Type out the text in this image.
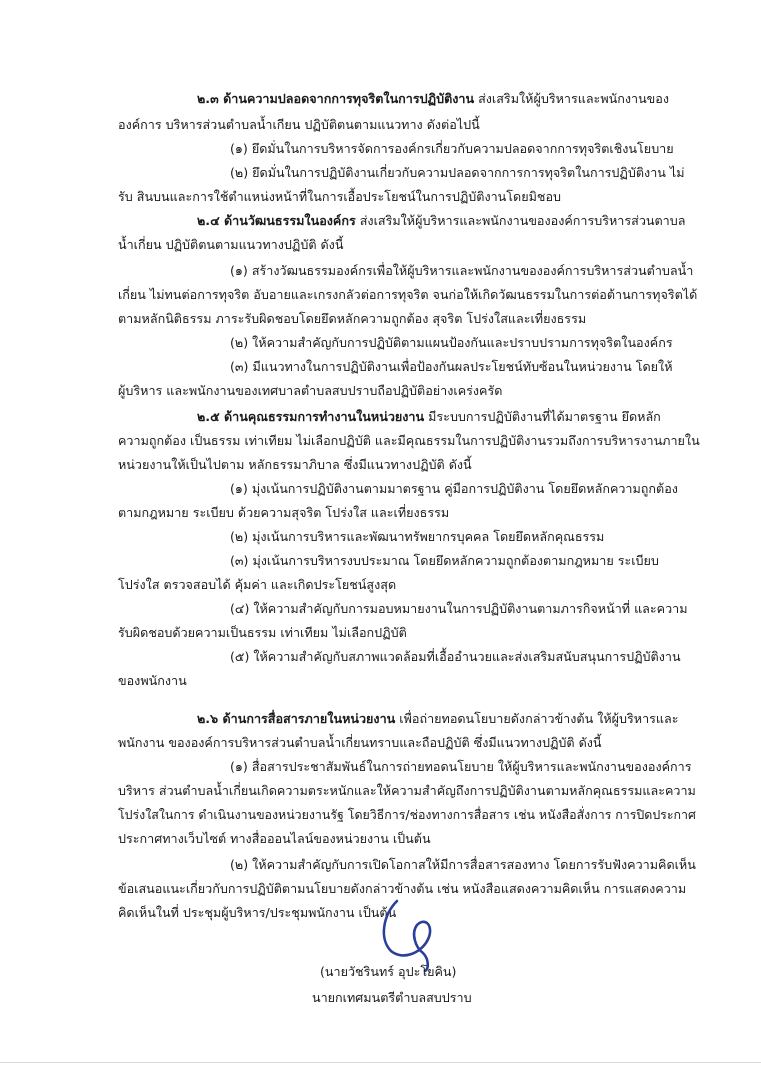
๒.๓ ด้านความปลอดจากการทุจริตในการปฏิบัติงาน ส่งเสริมให้ผู้บริหารและพนักงานของ
องค์การ บริหารส่วนตำบลน้ำเกียน ปฏิบัติตนตามแนวทาง ดังต่อไปนี้
(๑) ยึดมั่นในการบริหารจัดการองค์กรเกี่ยวกับความปลอดจากการทุจริตเชิงนโยบาย
(๒) ยึดมั่นในการปฏิบัติงานเกี่ยวกับความปลอดจากการการทุจริตในการปฏิบัติงาน ไม่
รับ สินบนและการใช้ตำแหน่งหน้าที่ในการเอื้อประโยชน์ในการปฏิบัติงานโดยมิชอบ
๒.๔ ด้านวัฒนธรรมในองค์กร ส่งเสริมให้ผู้บริหารและพนักงานขององค์การบริหารส่วนตาบล
น้ำเกี่ยน ปฏิบัติตนตามแนวทางปฏิบัติ ดังนี้
(๑) สร้างวัฒนธรรมองค์กรเพื่อให้ผู้บริหารและพนักงานขององค์การบริหารส่วนตำบลน้ำ
เกี่ยน ไม่ทนต่อการทุจริต อับอายและเกรงกลัวต่อการทุจริต จนก่อให้เกิดวัฒนธรรมในการต่อต้านการทุจริตได้
ตามหลักนิติธรรม ภาระรับผิดชอบโดยยึดหลักความถูกต้อง สุจริต โปร่งใสและเที่ยงธรรม
(๒) ให้ความสำคัญกับการปฏิบัติตามแผนป้องกันและปราบปรามการทุจริตในองค์กร
(๓) มีแนวทางในการปฏิบัติงานเพื่อป้องกันผลประโยชน์ทับซ้อนในหน่วยงาน โดยให้
ผู้บริหาร และพนักงานของเทศบาลตำบลสบปราบถือปฏิบัติอย่างเคร่งครัด
๒.๕ ด้านคุณธรรมการทำงานในหน่วยงาน มีระบบการปฏิบัติงานที่ได้มาตรฐาน ยึดหลัก
ความถูกต้อง เป็นธรรม เท่าเทียม ไม่เลือกปฏิบัติ และมีคุณธรรมในการปฏิบัติงานรวมถึงการบริหารงานภายใน
หน่วยงานให้เป็นไปตาม หลักธรรมาภิบาล ซึ่งมีแนวทางปฏิบัติ ดังนี้
(๑) มุ่งเน้นการปฏิบัติงานตามมาตรฐาน คู่มือการปฏิบัติงาน โดยยึดหลักความถูกต้อง
ตามกฎหมาย ระเบียบ ด้วยความสุจริต โปร่งใส และเที่ยงธรรม
(๒) มุ่งเน้นการบริหารและพัฒนาทรัพยากรบุคคล โดยยึดหลักคุณธรรม
(๓) มุ่งเน้นการบริหารงบประมาณ โดยยึดหลักความถูกต้องตามกฎหมาย ระเบียบ
โปร่งใส ตรวจสอบได้ คุ้มค่า และเกิดประโยชน์สูงสุด
(๔) ให้ความสำคัญกับการมอบหมายงานในการปฏิบัติงานตามภารกิจหน้าที่ และความ
รับผิดชอบด้วยความเป็นธรรม เท่าเทียม ไม่เลือกปฏิบัติ
(๕) ให้ความสำคัญกับสภาพแวดล้อมที่เอื้ออำนวยและส่งเสริมสนับสนุนการปฏิบัติงาน
ของพนักงาน
๒.๖ ด้านการสื่อสารภายในหน่วยงาน เพื่อถ่ายทอดนโยบายดังกล่าวข้างต้น ให้ผู้บริหารและ
พนักงาน ขององค์การบริหารส่วนตำบลน้ำเกี่ยนทราบและถือปฏิบัติ ซึ่งมีแนวทางปฏิบัติ ดังนี้
(๑) สื่อสารประชาสัมพันธ์ในการถ่ายทอดนโยบาย ให้ผู้บริหารและพนักงานขององค์การ
บริหาร ส่วนตำบลน้ำเกี่ยนเกิดความตระหนักและให้ความสำคัญถึงการปฏิบัติงานตามหลักคุณธรรมและความ
โปร่งใสในการ ดำเนินงานของหน่วยงานรัฐ โดยวิธีการ/ช่องทางการสื่อสาร เช่น หนังสือสั่งการ การปิดประกาศ
ประกาศทางเว็บไซต์ ทางสื่อออนไลน์ของหน่วยงาน เป็นต้น
(๒) ให้ความสำคัญกับการเปิดโอกาสให้มีการสื่อสารสองทาง โดยการรับฟังความคิดเห็น
ข้อเสนอแนะเกี่ยวกับการปฏิบัติตามนโยบายดังกล่าวข้างต้น เช่น หนังสือแสดงความคิดเห็น การแสดงความ
คิดเห็นในที่ ประชุมผู้บริหาร/ประชุมพนักงาน เป็นต้น
(นายวัชรินทร์ อุปะโยคิน)
นายกเทศมนตรีตำบลสบปราบ
